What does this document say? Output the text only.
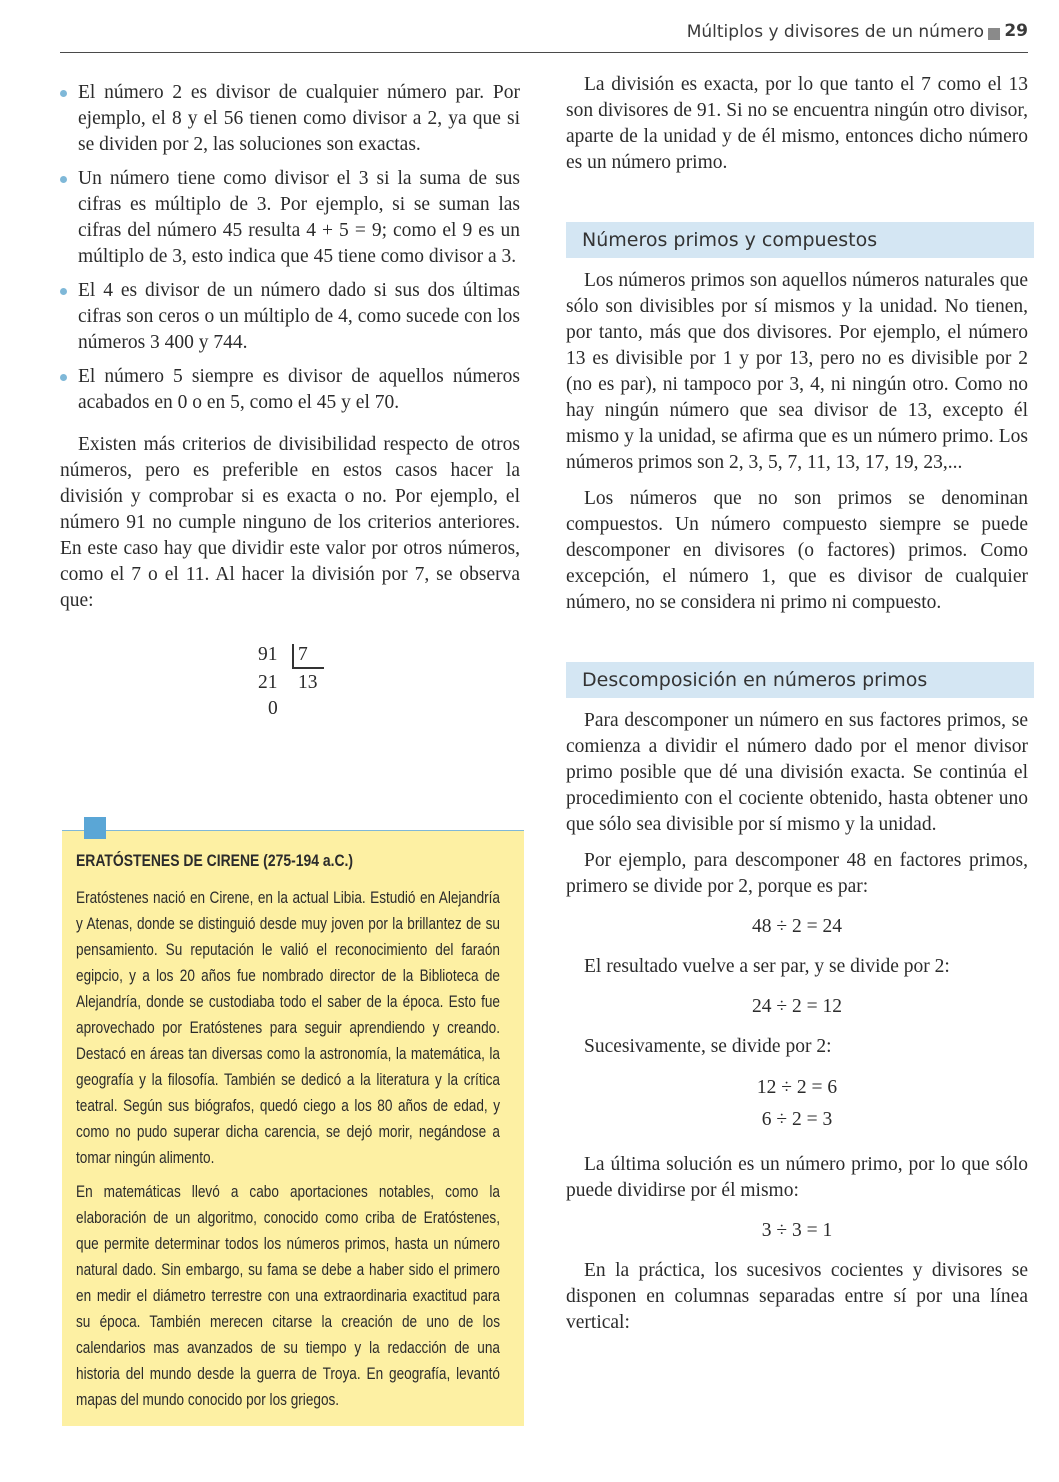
Múltiplos y divisores de un número 29
El número 2 es divisor de cualquier número par. Por ejemplo, el 8 y el 56 tienen como divisor a 2, ya que si se dividen por 2, las soluciones son exactas.
Un número tiene como divisor el 3 si la suma de sus cifras es múltiplo de 3. Por ejemplo, si se suman las cifras del número 45 resulta 4 + 5 = 9; como el 9 es un múltiplo de 3, esto indica que 45 tiene como divisor a 3.
El 4 es divisor de un número dado si sus dos últimas cifras son ceros o un múltiplo de 4, como sucede con los números 3 400 y 744.
El número 5 siempre es divisor de aquellos números acabados en 0 o en 5, como el 45 y el 70.

Existen más criterios de divisibilidad respecto de otros números, pero es preferible en estos casos hacer la división y comprobar si es exacta o no. Por ejemplo, el número 91 no cumple ninguno de los criterios anteriores. En este caso hay que dividir este valor por otros números, como el 7 o el 11. Al hacer la división por 7, se observa que:

91 7
21 13
0
ERATÓSTENES DE CIRENE (275-194 a.C.)

Eratóstenes nació en Cirene, en la actual Libia. Estudió en Alejandría y Atenas, donde se distinguió desde muy joven por la brillantez de su pensamiento. Su reputación le valió el reconocimiento del faraón egipcio, y a los 20 años fue nombrado director de la Biblioteca de Alejandría, donde se custodiaba todo el saber de la época. Esto fue aprovechado por Eratóstenes para seguir aprendiendo y creando. Destacó en áreas tan diversas como la astronomía, la matemática, la geografía y la filosofía. También se dedicó a la literatura y la crítica teatral. Según sus biógrafos, quedó ciego a los 80 años de edad, y como no pudo superar dicha carencia, se dejó morir, negándose a tomar ningún alimento.

En matemáticas llevó a cabo aportaciones notables, como la elaboración de un algoritmo, conocido como criba de Eratóstenes, que permite determinar todos los números primos, hasta un número natural dado. Sin embargo, su fama se debe a haber sido el primero en medir el diámetro terrestre con una extraordinaria exactitud para su época. También merecen citarse la creación de uno de los calendarios mas avanzados de su tiempo y la redacción de una historia del mundo desde la guerra de Troya. En geografía, levantó mapas del mundo conocido por los griegos.

La división es exacta, por lo que tanto el 7 como el 13 son divisores de 91. Si no se encuentra ningún otro divisor, aparte de la unidad y de él mismo, entonces dicho número es un número primo.

Números primos y compuestos

Los números primos son aquellos números naturales que sólo son divisibles por sí mismos y la unidad. No tienen, por tanto, más que dos divisores. Por ejemplo, el número 13 es divisible por 1 y por 13, pero no es divisible por 2 (no es par), ni tampoco por 3, 4, ni ningún otro. Como no hay ningún número que sea divisor de 13, excepto él mismo y la unidad, se afirma que es un número primo. Los números primos son 2, 3, 5, 7, 11, 13, 17, 19, 23,...

Los números que no son primos se denominan compuestos. Un número compuesto siempre se puede descomponer en divisores (o factores) primos. Como excepción, el número 1, que es divisor de cualquier número, no se considera ni primo ni compuesto.

Descomposición en números primos

Para descomponer un número en sus factores primos, se comienza a dividir el número dado por el menor divisor primo posible que dé una división exacta. Se continúa el procedimiento con el cociente obtenido, hasta obtener uno que sólo sea divisible por sí mismo y la unidad.

Por ejemplo, para descomponer 48 en factores primos, primero se divide por 2, porque es par:

48 ÷ 2 = 24

El resultado vuelve a ser par, y se divide por 2:

24 ÷ 2 = 12

Sucesivamente, se divide por 2:

12 ÷ 2 = 6
6 ÷ 2 = 3

La última solución es un número primo, por lo que sólo puede dividirse por él mismo:

3 ÷ 3 = 1

En la práctica, los sucesivos cocientes y divisores se disponen en columnas separadas entre sí por una línea vertical:
